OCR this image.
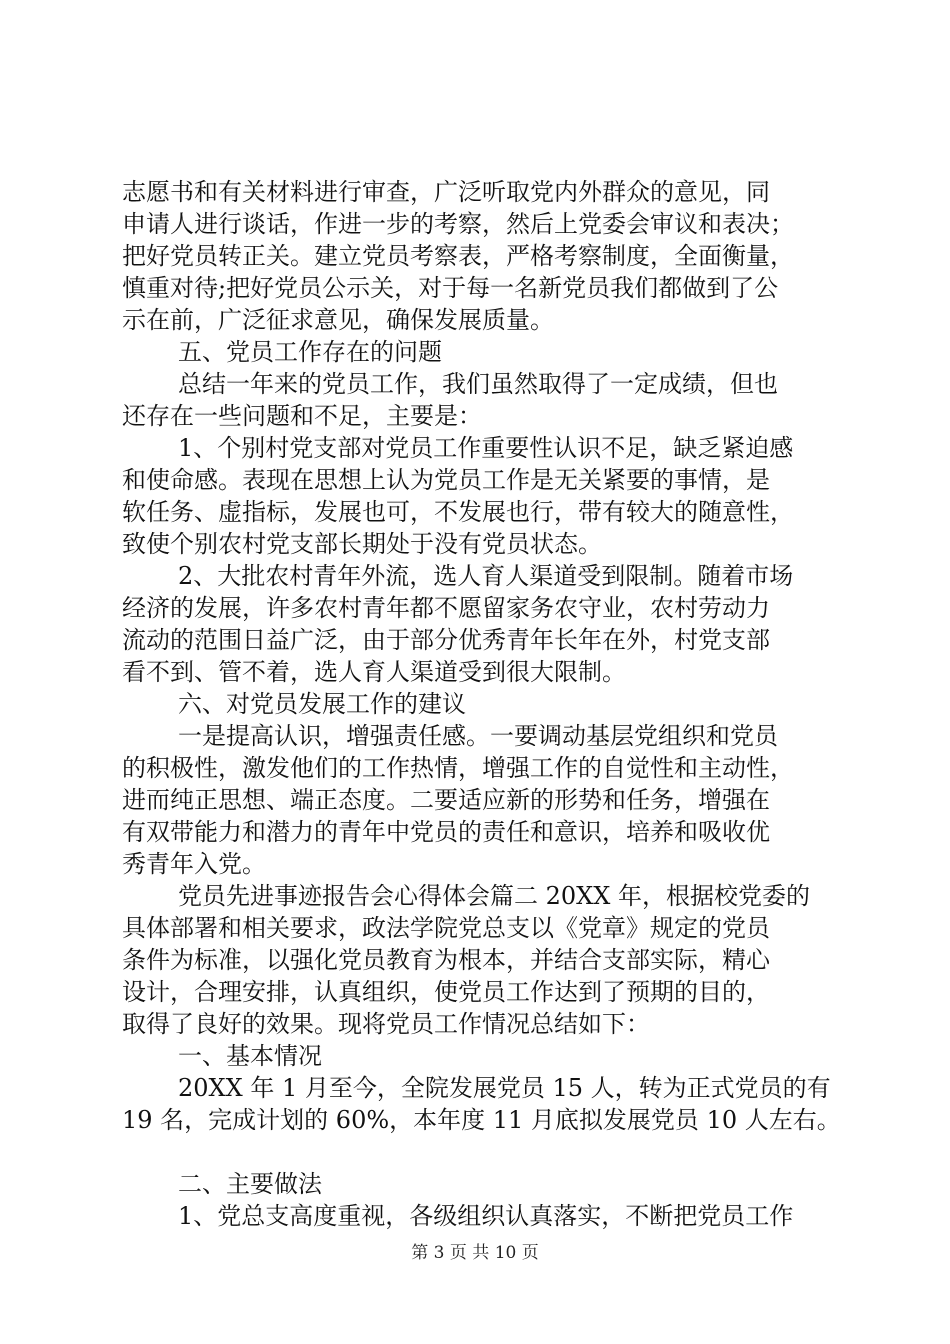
志愿书和有关材料进行审查，广泛听取党内外群众的意见，同
申请人进行谈话，作进一步的考察，然后上党委会审议和表决；
把好党员转正关。建立党员考察表，严格考察制度，全面衡量，
慎重对待;把好党员公示关，对于每一名新党员我们都做到了公
示在前，广泛征求意见，确保发展质量。
五、党员工作存在的问题
总结一年来的党员工作，我们虽然取得了一定成绩，但也
还存在一些问题和不足，主要是：
1、个别村党支部对党员工作重要性认识不足，缺乏紧迫感
和使命感。表现在思想上认为党员工作是无关紧要的事情，是
软任务、虚指标，发展也可，不发展也行，带有较大的随意性，
致使个别农村党支部长期处于没有党员状态。
2、大批农村青年外流，选人育人渠道受到限制。随着市场
经济的发展，许多农村青年都不愿留家务农守业，农村劳动力
流动的范围日益广泛，由于部分优秀青年长年在外，村党支部
看不到、管不着，选人育人渠道受到很大限制。
六、对党员发展工作的建议
一是提高认识，增强责任感。一要调动基层党组织和党员
的积极性，激发他们的工作热情，增强工作的自觉性和主动性，
进而纯正思想、端正态度。二要适应新的形势和任务，增强在
有双带能力和潜力的青年中党员的责任和意识，培养和吸收优
秀青年入党。
党员先进事迹报告会心得体会篇二 20XX 年，根据校党委的
具体部署和相关要求，政法学院党总支以《党章》规定的党员
条件为标准，以强化党员教育为根本，并结合支部实际，精心
设计，合理安排，认真组织，使党员工作达到了预期的目的，
取得了良好的效果。现将党员工作情况总结如下：
一、基本情况
20XX 年 1 月至今，全院发展党员 15 人，转为正式党员的有
19 名，完成计划的 60%，本年度 11 月底拟发展党员 10 人左右。
二、主要做法
1、党总支高度重视，各级组织认真落实，不断把党员工作
第 3 页 共 10 页
